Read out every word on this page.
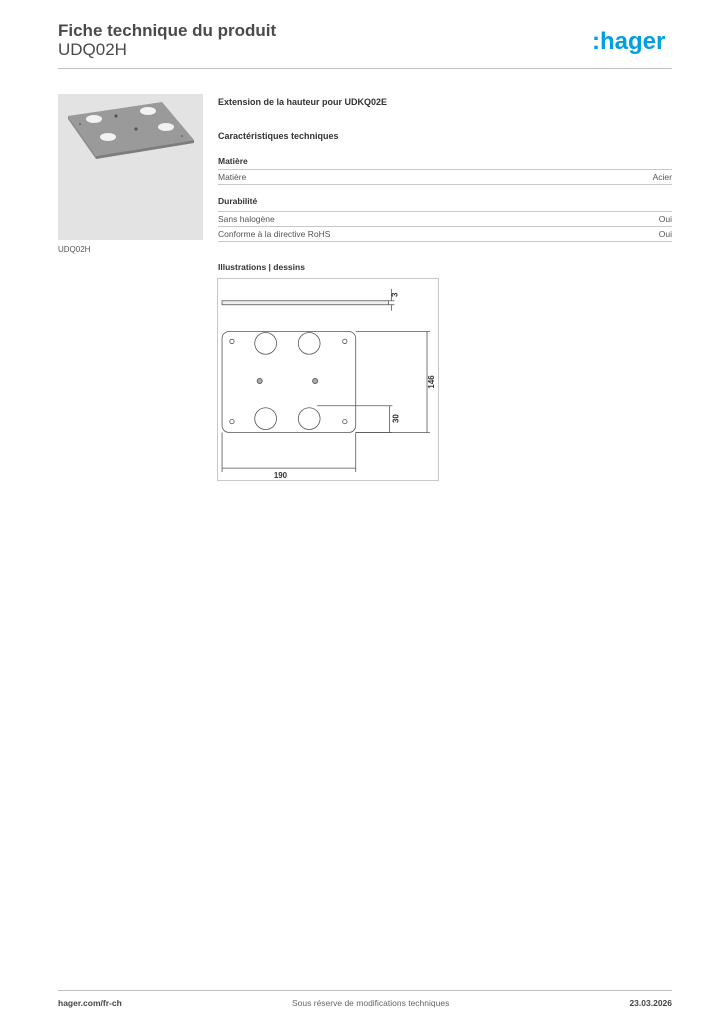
Fiche technique du produit
UDQ02H	:hager
UDQ02H
Extension de la hauteur pour UDKQ02E
Caractéristiques techniques
Matière
Matière	Acier
Durabilité
Sans halogène	Oui
Conforme à la directive RoHS	Oui
Illustrations | dessins
3
146
30
190
hager.com/fr-ch	Sous réserve de modifications techniques	23.03.2026
